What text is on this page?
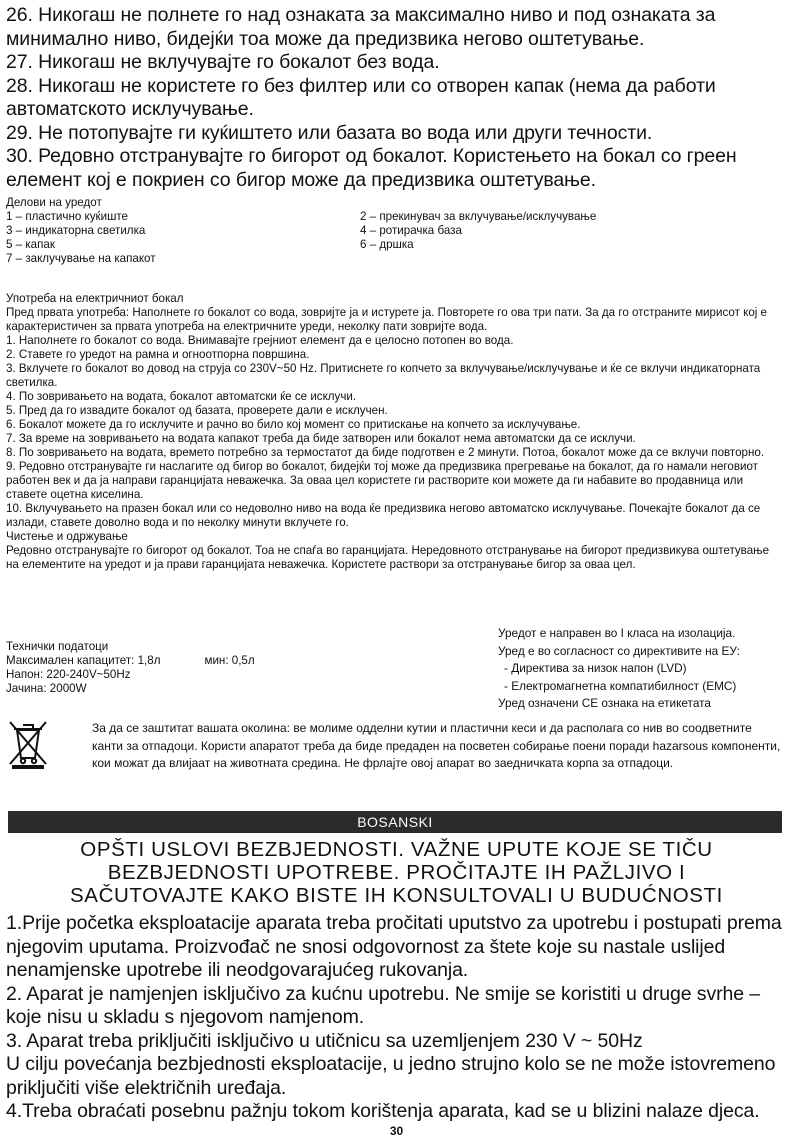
26. Никогаш не полнете го над ознаката за максимално ниво и под ознаката за минимално ниво, бидејќи тоа може да предизвика негово оштетување.

27. Никогаш не вклучувајте го бокалот без вода.

28. Никогаш не користете го без филтер или со отворен капак (нема да работи автоматското исклучување.

29. Не потопувајте ги куќиштето или базата во вода или други течности.

30. Редовно отстранувајте го бигорот од бокалот. Користењето на бокал со греен елемент кој е покриен со бигор може да предизвика оштетување.

Делови на уредот

1 – пластично куќиште	2 – прекинувач за вклучување/исклучување
3 – индикаторна светилка	4 – ротирачка база
5 – капак	6 – дршка
7 – заклучување на капакот

Употреба на електричниот бокал

Пред првата употреба: Наполнете го бокалот со вода, зовријте ја и истурете ја. Повторете го ова три пати. За да го отстраните мирисот кој е карактеристичен за првата употреба на електричните уреди, неколку пати зовријте вода.

1. Наполнете го бокалот со вода. Внимавајте грејниот елемент да е целосно потопен во вода.

2. Ставете го уредот на рамна и огноотпорна површина.

3. Вклучете го бокалот во довод на струја со 230V~50 Hz. Притиснете го копчето за вклучување/исклучување и ќе се вклучи индикаторната светилка.

4. По зовривањето на водата, бокалот автоматски ќе се исклучи.

5. Пред да го извадите бокалот од базата, проверете дали е исклучен.

6. Бокалот можете да го исклучите и рачно во било кој момент со притискање на копчето за исклучување.

7. За време на зовривањето на водата капакот треба да биде затворен или бокалот нема автоматски да се исклучи.

8. По зовривањето на водата, времето потребно за термостатот да биде подготвен е 2 минути. Потоа, бокалот може да се вклучи повторно.

9. Редовно отстранувајте ги наслагите од бигор во бокалот, бидејќи тој може да предизвика прегревање на бокалот, да го намали неговиот работен век и да ја направи гаранцијата неважечка. За оваа цел користете ги растворите кои можете да ги набавите во продавница или ставете оцетна киселина.

10. Вклучувањето на празен бокал или со недоволно ниво на вода ќе предизвика негово автоматско исклучување. Почекајте бокалот да се излади, ставете доволно вода и по неколку минути вклучете го.

Чистење и одржување

Редовно отстранувајте го бигорот од бокалот. Тоа не спаѓа во гаранцијата. Нередовното отстранување на бигорот предизвикува оштетување на елементите на уредот и ја прави гаранцијата неважечка. Користете раствори за отстранување бигор за оваа цел.

Технички податоци

Максимален капацитет: 1,8л	мин: 0,5л

Напон: 220-240V~50Hz

Јачина: 2000W

Уредот е направен во I класа на изолација.

Уред е во согласност со директивите на ЕУ:

- Директива за низок напон (LVD)

- Електромагнетна компатибилност (EMC)

Уред означени CE ознака на етикетата

За да се заштитат вашата околина: ве молиме одделни кутии и пластични кеси и да располага со нив во соодветните канти за отпадоци. Користи апаратот треба да биде предаден на посветен собирање поени поради hazarsous компоненти, кои можат да влијаат на животната средина. Не фрлајте овој апарат во заедничката корпа за отпадоци.

BOSANSKI

OPŠTI USLOVI BEZBJEDNOSTI. VAŽNE UPUTE KOJE SE TIČU

BEZBJEDNOSTI UPOTREBE. PROČITAJTE IH PAŽLJIVO I

SAČUTOVAJTE KAKO BISTE IH KONSULTOVALI U BUDUĆNOSTI

1.Prije početka eksploatacije aparata treba pročitati uputstvo za upotrebu i postupati prema njegovim uputama. Proizvođač ne snosi odgovornost za štete koje su nastale uslijed nenamjenske upotrebe ili neodgovarajućeg rukovanja.

2. Aparat je namjenjen isključivo za kućnu upotrebu. Ne smije se koristiti u druge svrhe – koje nisu u skladu s njegovom namjenom.

3. Aparat treba priključiti isključivo u utičnicu sa uzemljenjem 230 V ~ 50Hz

U cilju povećanja bezbjednosti eksploatacije, u jedno strujno kolo se ne može istovremeno priključiti više električnih uređaja.

4.Treba obraćati posebnu pažnju tokom korištenja aparata, kad se u blizini nalaze djeca.

30
